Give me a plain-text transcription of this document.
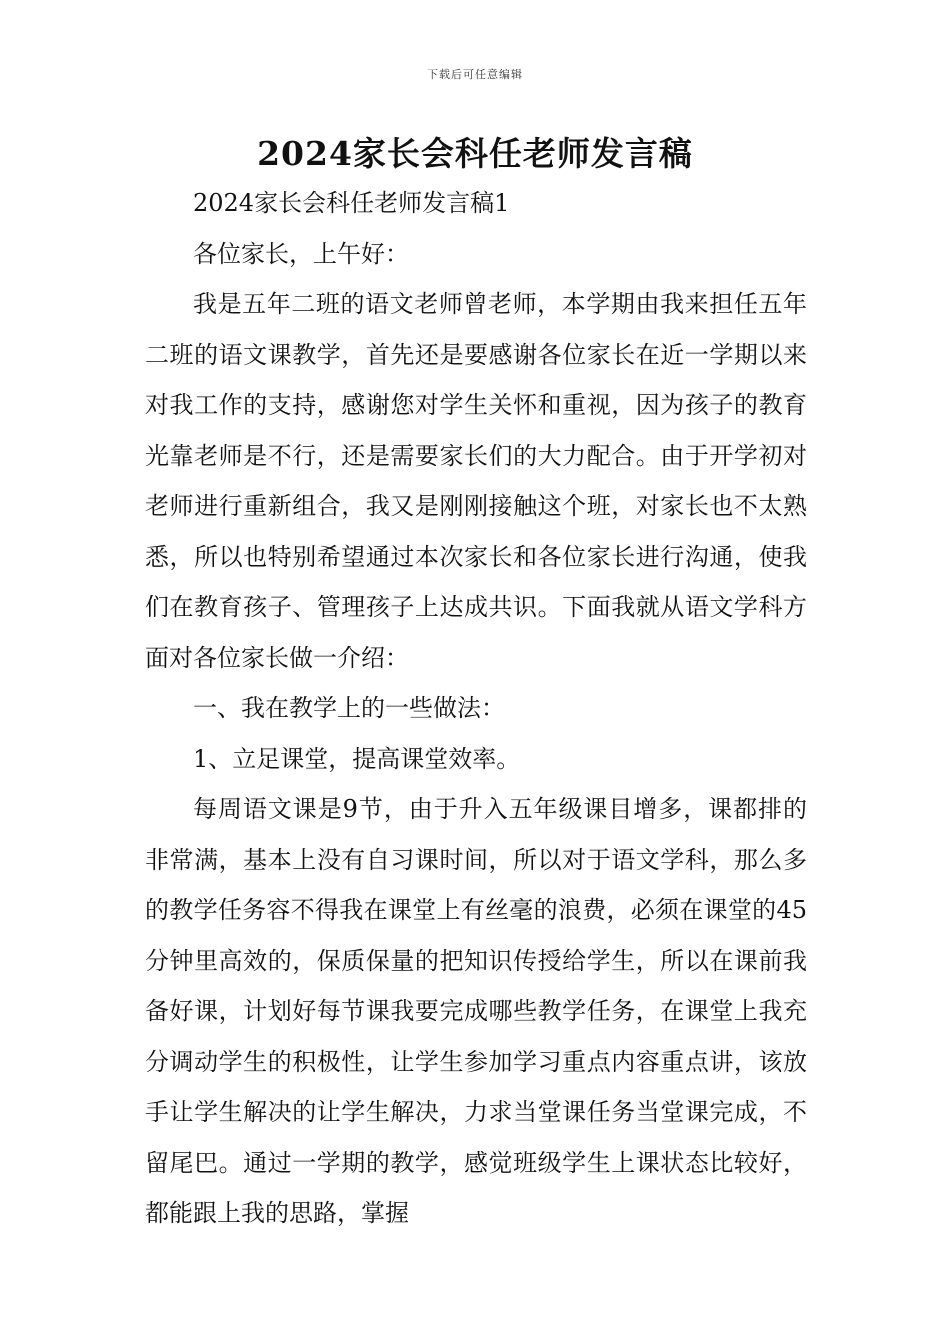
下载后可任意编辑
2024家长会科任老师发言稿

2024家长会科任老师发言稿1

各位家长，上午好：

我是五年二班的语文老师曾老师，本学期由我来担任五年二班的语文课教学，首先还是要感谢各位家长在近一学期以来对我工作的支持，感谢您对学生关怀和重视，因为孩子的教育光靠老师是不行，还是需要家长们的大力配合。由于开学初对老师进行重新组合，我又是刚刚接触这个班，对家长也不太熟悉，所以也特别希望通过本次家长和各位家长进行沟通，使我们在教育孩子、管理孩子上达成共识。下面我就从语文学科方面对各位家长做一介绍：

一、我在教学上的一些做法：

1、立足课堂，提高课堂效率。

每周语文课是9节，由于升入五年级课目增多，课都排的非常满，基本上没有自习课时间，所以对于语文学科，那么多的教学任务容不得我在课堂上有丝毫的浪费，必须在课堂的45分钟里高效的，保质保量的把知识传授给学生，所以在课前我备好课，计划好每节课我要完成哪些教学任务，在课堂上我充分调动学生的积极性，让学生参加学习重点内容重点讲，该放手让学生解决的让学生解决，力求当堂课任务当堂课完成，不留尾巴。通过一学期的教学，感觉班级学生上课状态比较好，都能跟上我的思路，掌握
